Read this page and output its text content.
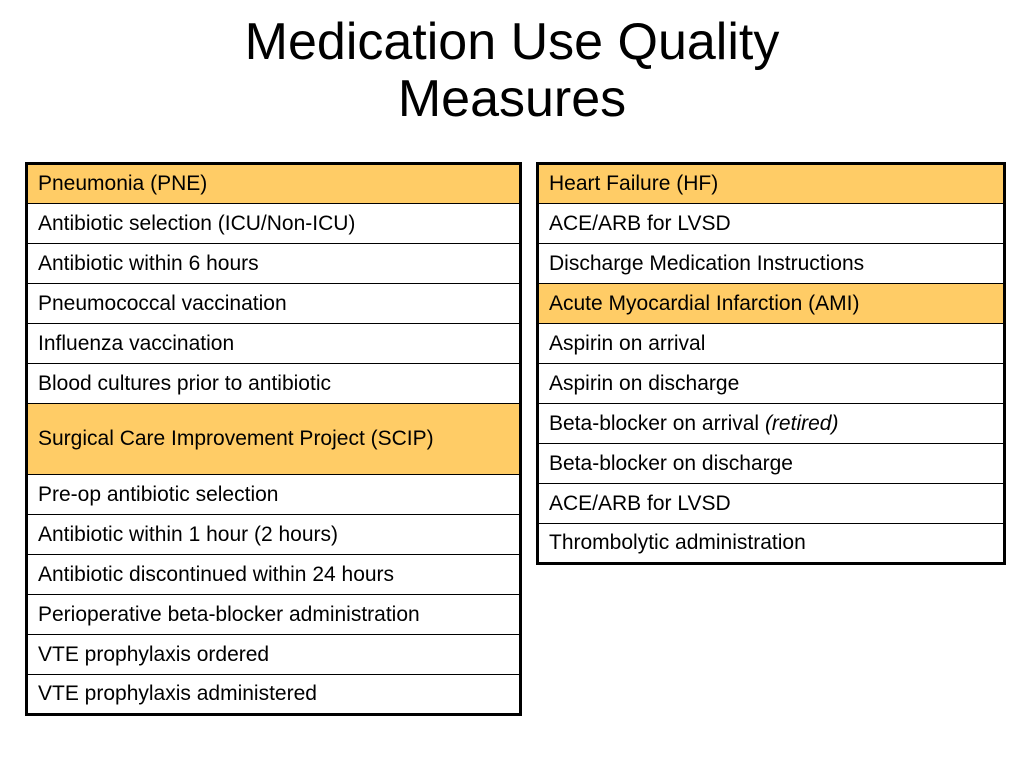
Medication Use Quality
Measures
Pneumonia (PNE)
Antibiotic selection (ICU/Non-ICU)
Antibiotic within 6 hours
Pneumococcal vaccination
Influenza vaccination
Blood cultures prior to antibiotic
Surgical Care Improvement Project (SCIP)
Pre-op antibiotic selection
Antibiotic within 1 hour (2 hours)
Antibiotic discontinued within 24 hours
Perioperative beta-blocker administration
VTE prophylaxis ordered
VTE prophylaxis administered
Heart Failure (HF)
ACE/ARB for LVSD
Discharge Medication Instructions
Acute Myocardial Infarction (AMI)
Aspirin on arrival
Aspirin on discharge
Beta-blocker on arrival (retired)
Beta-blocker on discharge
ACE/ARB for LVSD
Thrombolytic administration
